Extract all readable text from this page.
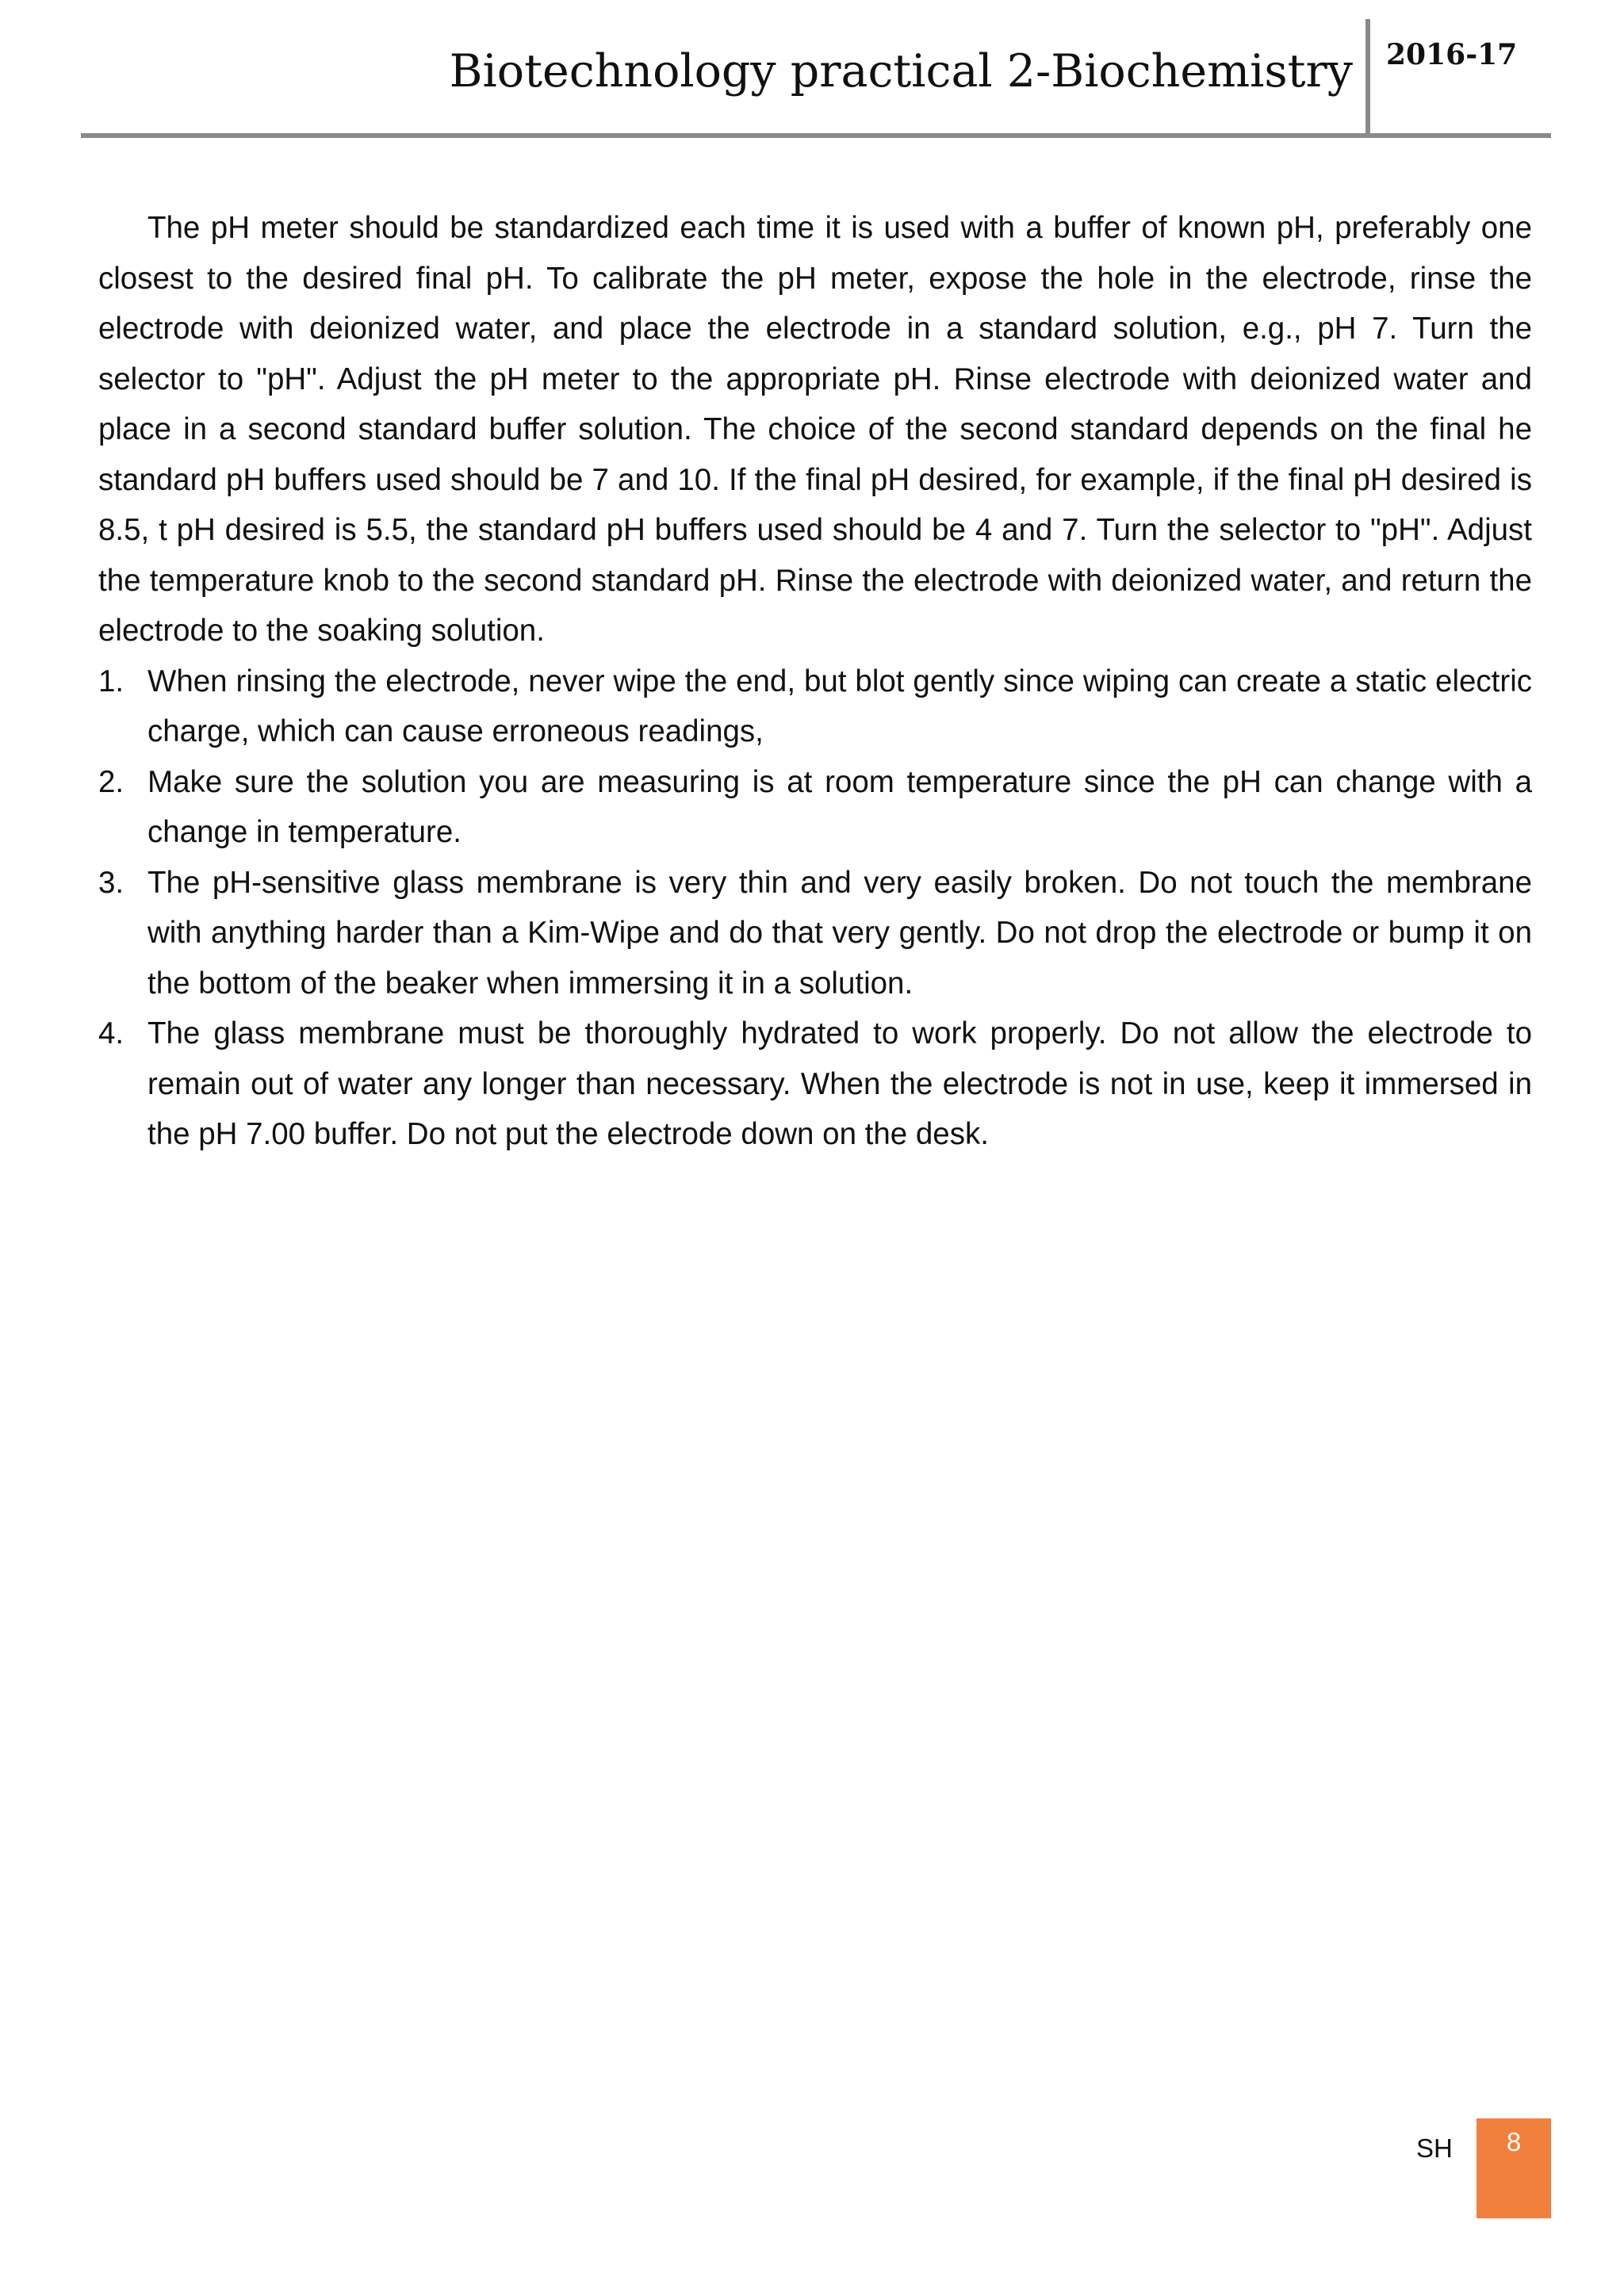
Biotechnology practical 2-Biochemistry 2016-17

The pH meter should be standardized each time it is used with a buffer of known pH, preferably one closest to the desired final pH. To calibrate the pH meter, expose the hole in the electrode, rinse the electrode with deionized water, and place the electrode in a standard solution, e.g., pH 7. Turn the selector to "pH". Adjust the pH meter to the appropriate pH. Rinse electrode with deionized water and place in a second standard buffer solution. The choice of the second standard depends on the final he standard pH buffers used should be 7 and 10. If the final pH desired, for example, if the final pH desired is 8.5, t pH desired is 5.5, the standard pH buffers used should be 4 and 7. Turn the selector to "pH". Adjust the temperature knob to the second standard pH. Rinse the electrode with deionized water, and return the electrode to the soaking solution.

1. When rinsing the electrode, never wipe the end, but blot gently since wiping can create a static electric charge, which can cause erroneous readings,
2. Make sure the solution you are measuring is at room temperature since the pH can change with a change in temperature.
3. The pH-sensitive glass membrane is very thin and very easily broken. Do not touch the membrane with anything harder than a Kim-Wipe and do that very gently. Do not drop the electrode or bump it on the bottom of the beaker when immersing it in a solution.
4. The glass membrane must be thoroughly hydrated to work properly. Do not allow the electrode to remain out of water any longer than necessary. When the electrode is not in use, keep it immersed in the pH 7.00 buffer. Do not put the electrode down on the desk.
SH	8
